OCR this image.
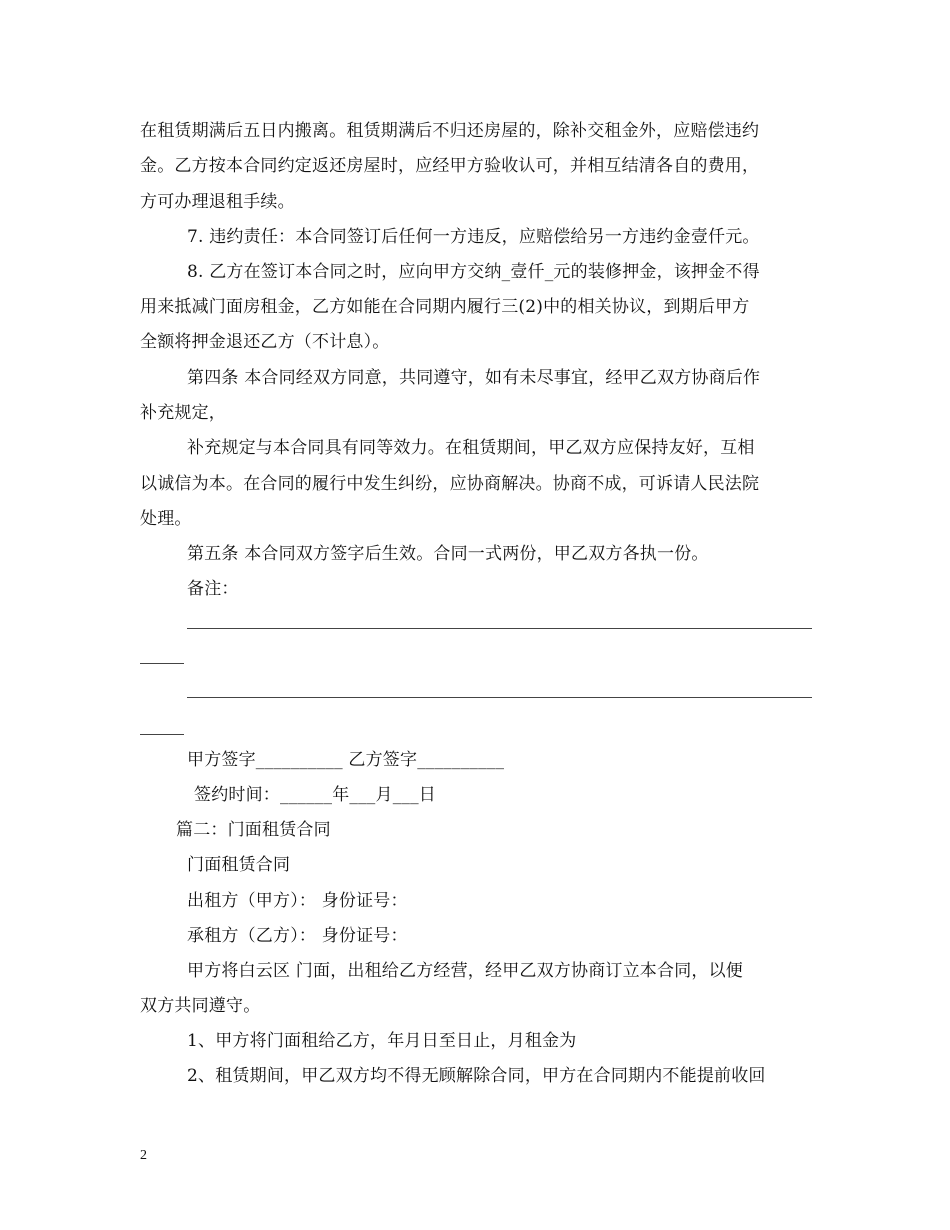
在租赁期满后五日内搬离。租赁期满后不归还房屋的，除补交租金外，应赔偿违约
金。乙方按本合同约定返还房屋时，应经甲方验收认可，并相互结清各自的费用，
方可办理退租手续。
7. 违约责任：本合同签订后任何一方违反，应赔偿给另一方违约金壹仟元。
8. 乙方在签订本合同之时，应向甲方交纳_壹仟_元的装修押金，该押金不得
用来抵减门面房租金，乙方如能在合同期内履行三(2)中的相关协议，到期后甲方
全额将押金退还乙方（不计息）。
第四条 本合同经双方同意，共同遵守，如有未尽事宜，经甲乙双方协商后作
补充规定，
补充规定与本合同具有同等效力。在租赁期间，甲乙双方应保持友好，互相
以诚信为本。在合同的履行中发生纠纷，应协商解决。协商不成，可诉请人民法院
处理。
第五条 本合同双方签字后生效。合同一式两份，甲乙双方各执一份。
备注：
甲方签字__________ 乙方签字__________
签约时间：______年___月___日
篇二：门面租赁合同
门面租赁合同
出租方（甲方）： 身份证号：
承租方（乙方）： 身份证号：
甲方将白云区 门面，出租给乙方经营，经甲乙双方协商订立本合同，以便
双方共同遵守。
1、甲方将门面租给乙方，年月日至日止，月租金为
2、租赁期间，甲乙双方均不得无顾解除合同，甲方在合同期内不能提前收回
2
